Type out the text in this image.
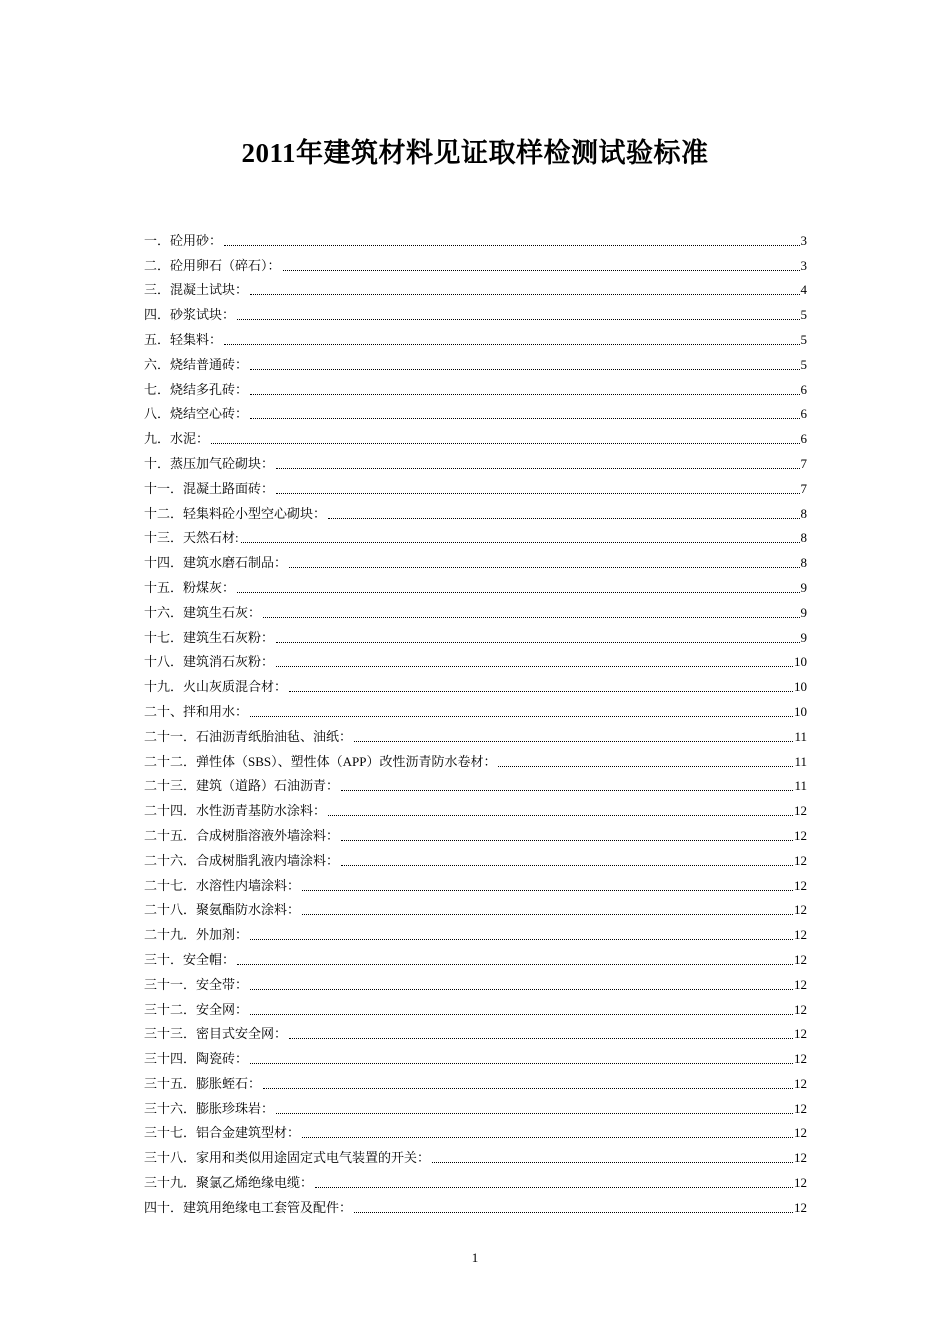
2011年建筑材料见证取样检测试验标准
一．砼用砂：	3
二．砼用卵石（碎石）：	3
三．混凝土试块：	4
四．砂浆试块：	5
五．轻集料：	5
六．烧结普通砖：	5
七．烧结多孔砖：	6
八．烧结空心砖：	6
九．水泥：	6
十．蒸压加气砼砌块：	7
十一．混凝土路面砖：	7
十二．轻集料砼小型空心砌块：	8
十三．天然石材:	8
十四．建筑水磨石制品：	8
十五．粉煤灰：	9
十六．建筑生石灰：	9
十七．建筑生石灰粉：	9
十八．建筑消石灰粉：	10
十九．火山灰质混合材：	10
二十、拌和用水：	10
二十一．石油沥青纸胎油毡、油纸：	11
二十二．弹性体（SBS）、塑性体（APP）改性沥青防水卷材：	11
二十三．建筑（道路）石油沥青：	11
二十四．水性沥青基防水涂料：	12
二十五．合成树脂溶液外墙涂料：	12
二十六．合成树脂乳液内墙涂料：	12
二十七．水溶性内墙涂料：	12
二十八．聚氨酯防水涂料：	12
二十九．外加剂：	12
三十．安全帽：	12
三十一．安全带：	12
三十二．安全网：	12
三十三．密目式安全网：	12
三十四．陶瓷砖：	12
三十五．膨胀蛭石：	12
三十六．膨胀珍珠岩：	12
三十七．铝合金建筑型材：	12
三十八．家用和类似用途固定式电气装置的开关：	12
三十九．聚氯乙烯绝缘电缆：	12
四十．建筑用绝缘电工套管及配件：	12
1
